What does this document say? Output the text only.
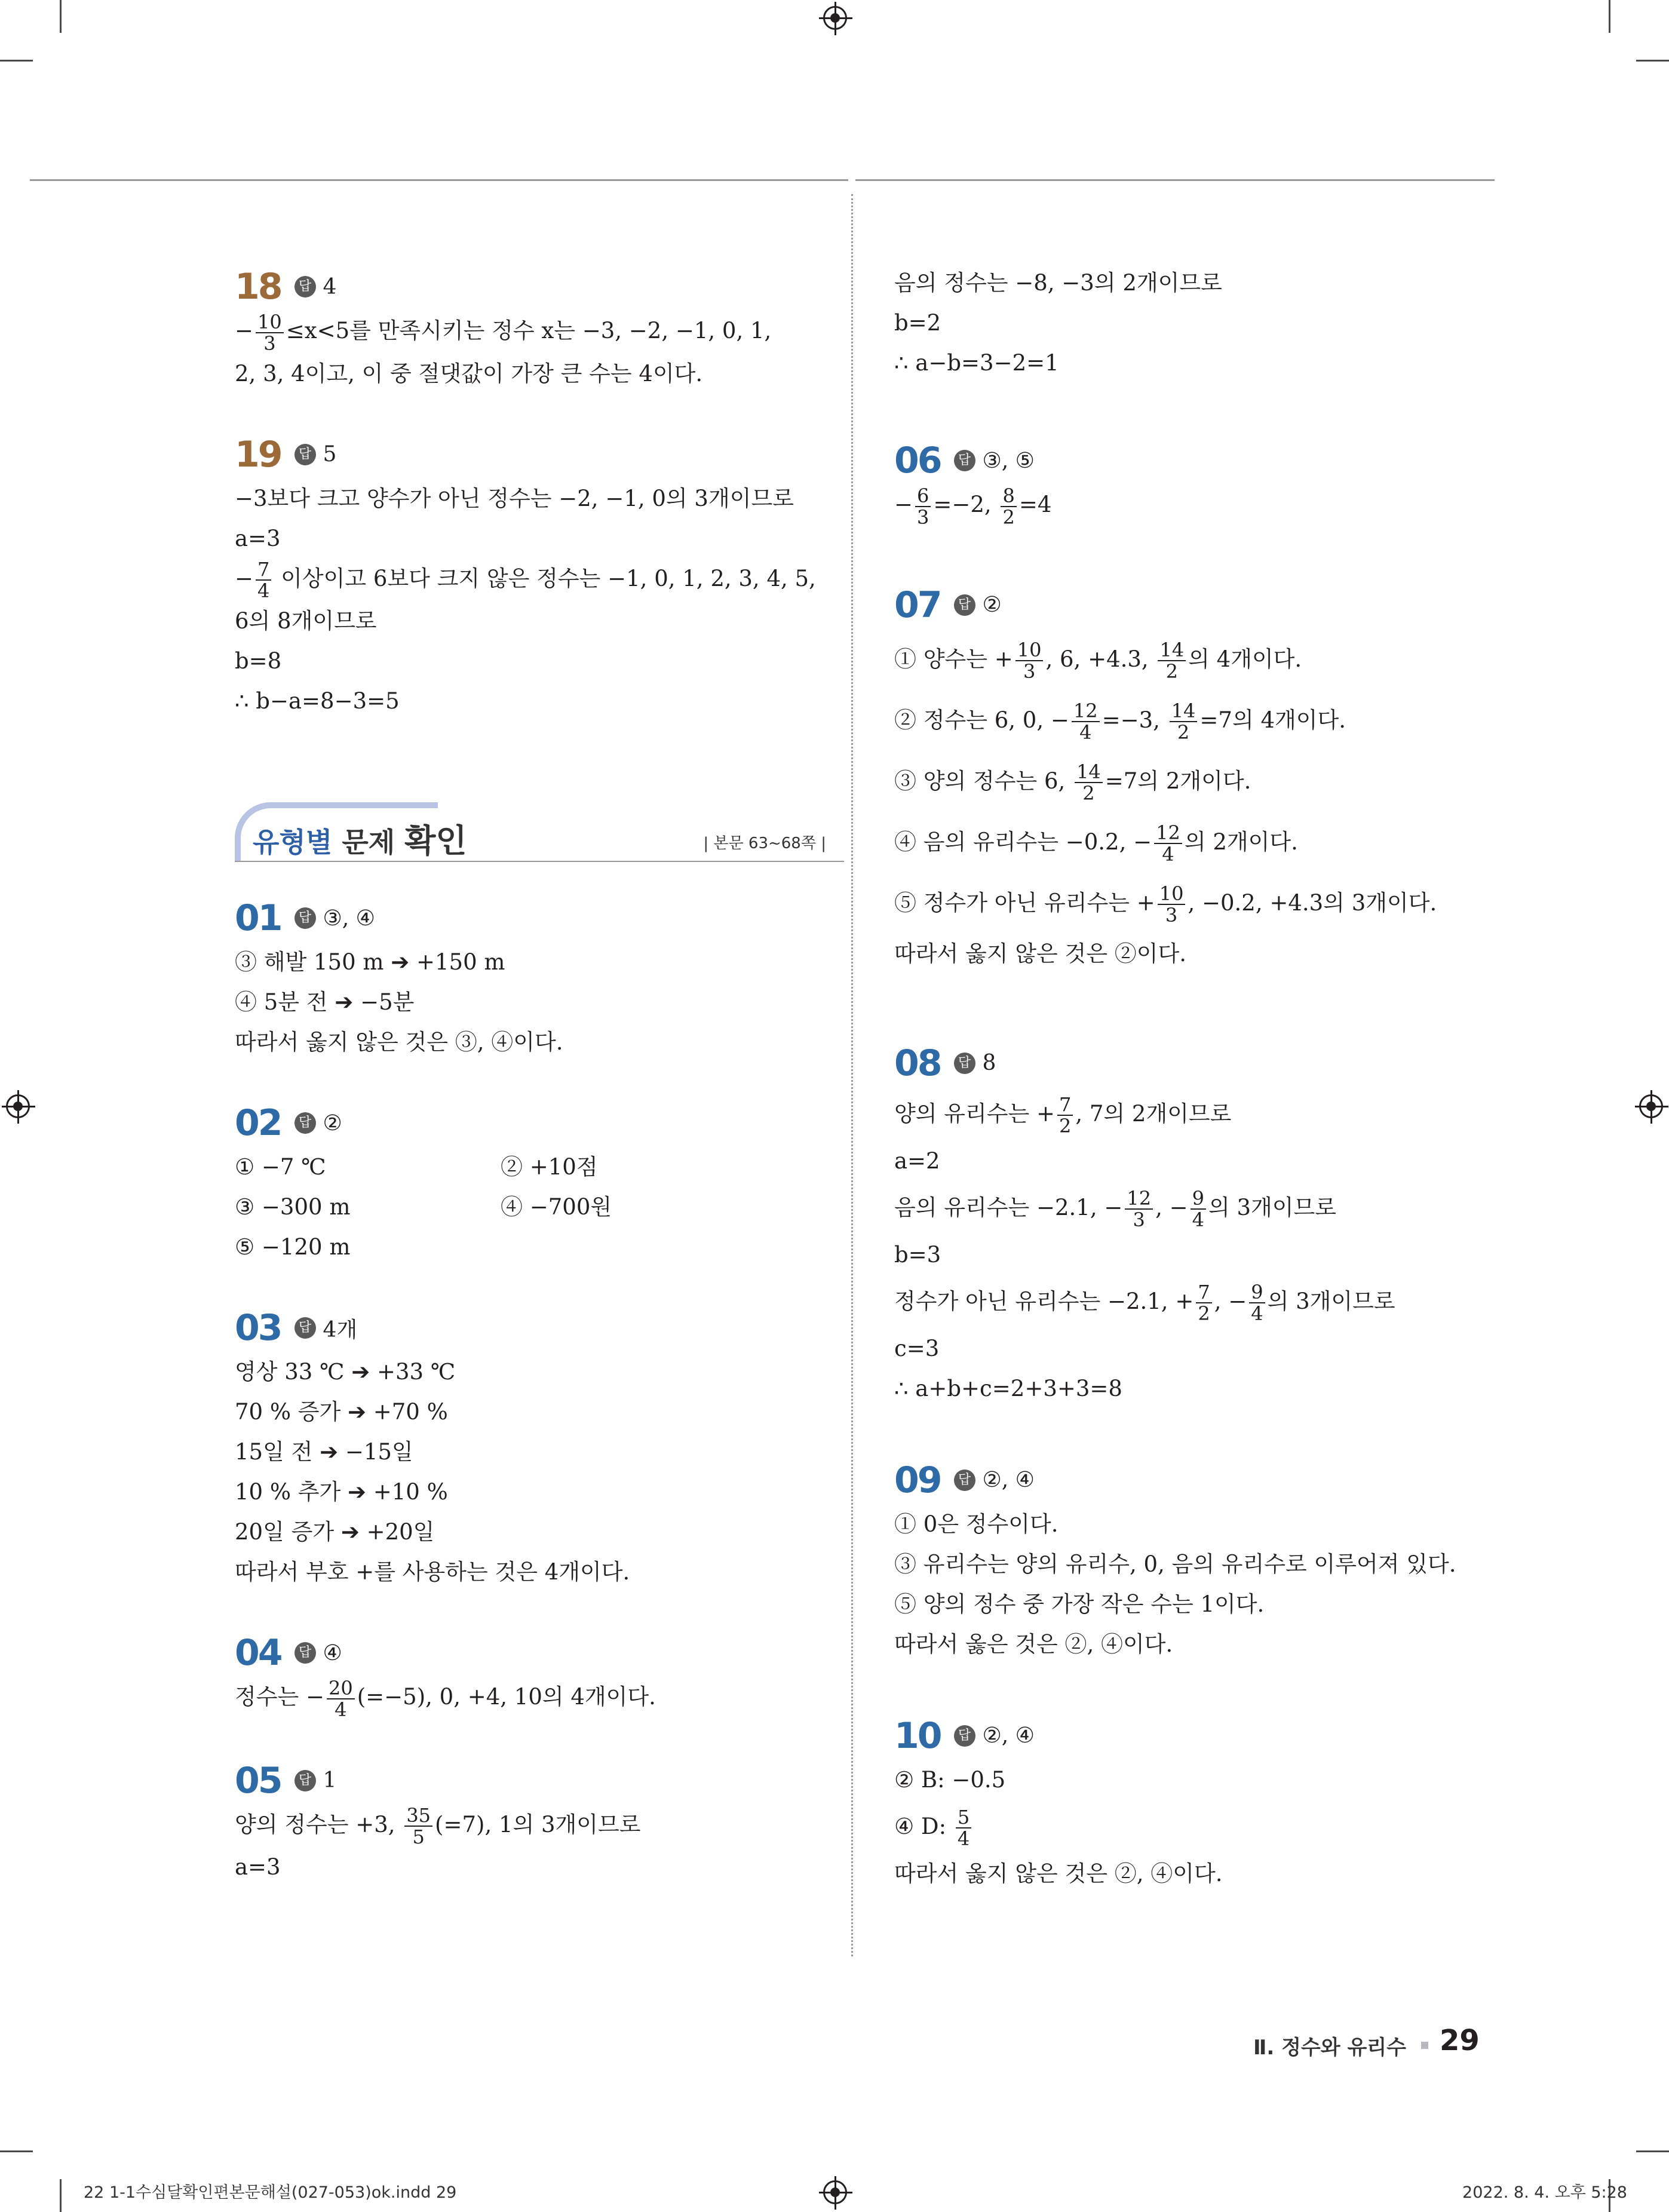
18	답 4
− $\frac{10}{3} \le x<5$를 만족시키는 정수 x는 −3, −2, −1, 0, 1,
2, 3, 4이고, 이 중 절댓값이 가장 큰 수는 4이다.
19	답 5
−3보다 크고 양수가 아닌 정수는 −2, −1, 0의 3개이므로
a=3
− $\frac{7}{4}$ 이상이고 6보다 크지 않은 정수는 −1, 0, 1, 2, 3, 4, 5,
6의 8개이므로
b=8
∴ b−a=8−3=5
유형별 문제 확인	| 본문 63~68쪽 |
01	답 ③, ④
③ 해발 150 m ➔ +150 m
④ 5분 전 ➔ −5분
따라서 옳지 않은 것은 ③, ④이다.
02	답 ②
① −7 ℃	② +10점
③ −300 m	④ −700원
⑤ −120 m
03	답 4개
영상 33 ℃ ➔ +33 ℃
70 % 증가 ➔ +70 %
15일 전 ➔ −15일
10 % 추가 ➔ +10 %
20일 증가 ➔ +20일
따라서 부호 +를 사용하는 것은 4개이다.
04	답 ④
정수는 − $\frac{20}{4} (=-5)$, 0, +4, 10의 4개이다.
05	답 1
양의 정수는 +3, $\frac{35}{5} (=7)$, 1의 3개이므로
a=3
음의 정수는 −8, −3의 2개이므로
b=2
∴ a−b=3−2=1
06	답 ③, ⑤
− $\frac{6}{3} =-2$, $\frac{8}{2} =4$
07	답 ②
① 양수는 + $\frac{10}{3}$ , 6, +4.3, $\frac{14}{2}$ 의 4개이다.
② 정수는 6, 0, − $\frac{12}{4} =-3$, $\frac{14}{2} =7$의 4개이다.
③ 양의 정수는 6, $\frac{14}{2} =7$의 2개이다.
④ 음의 유리수는 −0.2, − $\frac{12}{4}$ 의 2개이다.
⑤ 정수가 아닌 유리수는 + $\frac{10}{3}$ , −0.2, +4.3의 3개이다.
따라서 옳지 않은 것은 ②이다.
08	답 8
양의 유리수는 + $\frac{7}{2}$ , 7의 2개이므로
a=2
음의 유리수는 −2.1, − $\frac{12}{3}$ , − $\frac{9}{4}$ 의 3개이므로
b=3
정수가 아닌 유리수는 −2.1, + $\frac{7}{2}$ , − $\frac{9}{4}$ 의 3개이므로
c=3
∴ a+b+c=2+3+3=8
09	답 ②, ④
① 0은 정수이다.
③ 유리수는 양의 유리수, 0, 음의 유리수로 이루어져 있다.
⑤ 양의 정수 중 가장 작은 수는 1이다.
따라서 옳은 것은 ②, ④이다.
10	답 ②, ④
② B: −0.5
④ D: $\frac{5}{4}$
따라서 옳지 않은 것은 ②, ④이다.
Ⅱ. 정수와 유리수 29
22 1-1수심달확인편본문해설(027-053)ok.indd 29	2022. 8. 4. 오후 5:28
